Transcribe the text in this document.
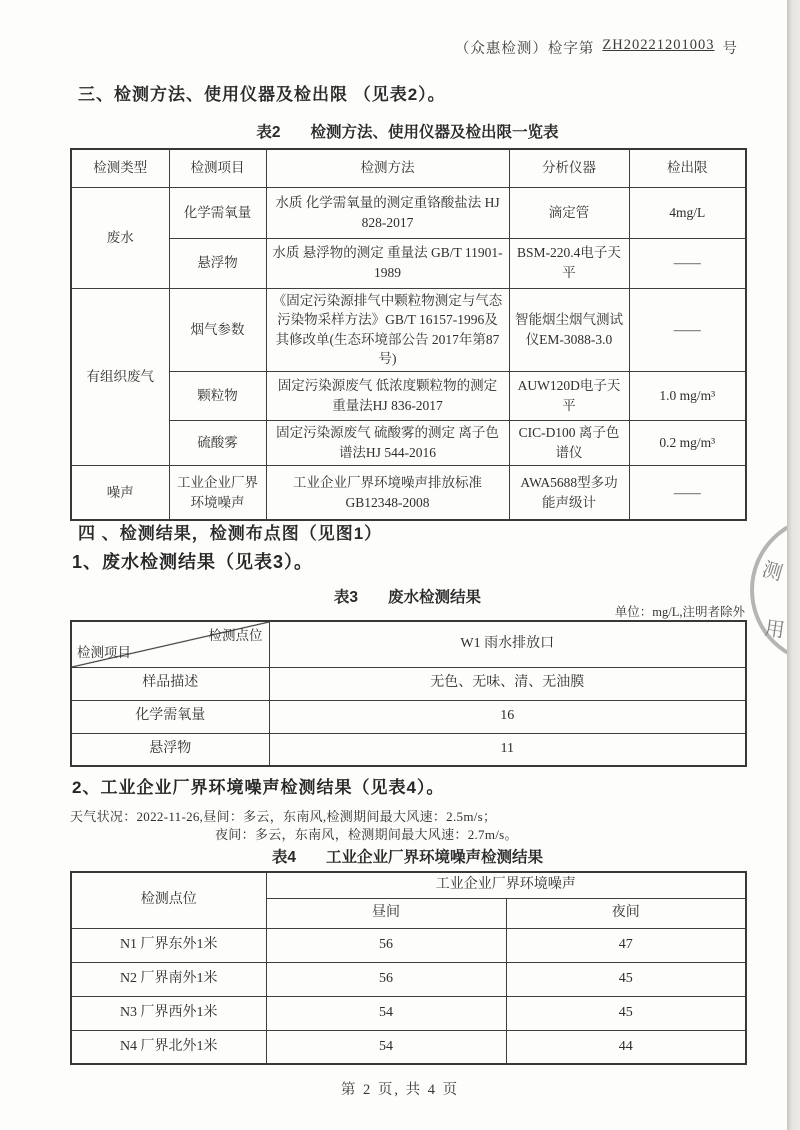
（众惠检测）检字第 ZH20221201003 号
三、检测方法、使用仪器及检出限 （见表2）。
表2 检测方法、使用仪器及检出限一览表
检测类型	检测项目	检测方法	分析仪器	检出限
废水	化学需氧量	水质 化学需氧量的测定重铬酸盐法 HJ 828-2017	滴定管	4mg/L
	悬浮物	水质 悬浮物的测定 重量法 GB/T 11901-1989	BSM-220.4电子天平	——
有组织废气	烟气参数	《固定污染源排气中颗粒物测定与气态污染物采样方法》GB/T 16157-1996及其修改单(生态环境部公告 2017年第87号)	智能烟尘烟气测试仪EM-3088-3.0	——
	颗粒物	固定污染源废气 低浓度颗粒物的测定 重量法HJ 836-2017	AUW120D电子天平	1.0 mg/m³
	硫酸雾	固定污染源废气 硫酸雾的测定 离子色谱法HJ 544-2016	CIC-D100 离子色谱仪	0.2 mg/m³
噪声	工业企业厂界环境噪声	工业企业厂界环境噪声排放标准 GB12348-2008	AWA5688型多功能声级计	——
四 、检测结果，检测布点图（见图1）
1、废水检测结果（见表3）。
表3 废水检测结果
单位：mg/L,注明者除外
检测点位
检测项目	W1 雨水排放口
样品描述	无色、无味、清、无油膜
化学需氧量	16
悬浮物	11
2、工业企业厂界环境噪声检测结果（见表4）。
天气状况：2022-11-26,昼间：多云，东南风,检测期间最大风速：2.5m/s；
夜间：多云，东南风，检测期间最大风速：2.7m/s。
表4 工业企业厂界环境噪声检测结果
检测点位	工业企业厂界环境噪声	
	昼间	夜间
N1 厂界东外1米	56	47
N2 厂界南外1米	56	45
N3 厂界西外1米	54	45
N4 厂界北外1米	54	44
第 2 页, 共 4 页
测
用
